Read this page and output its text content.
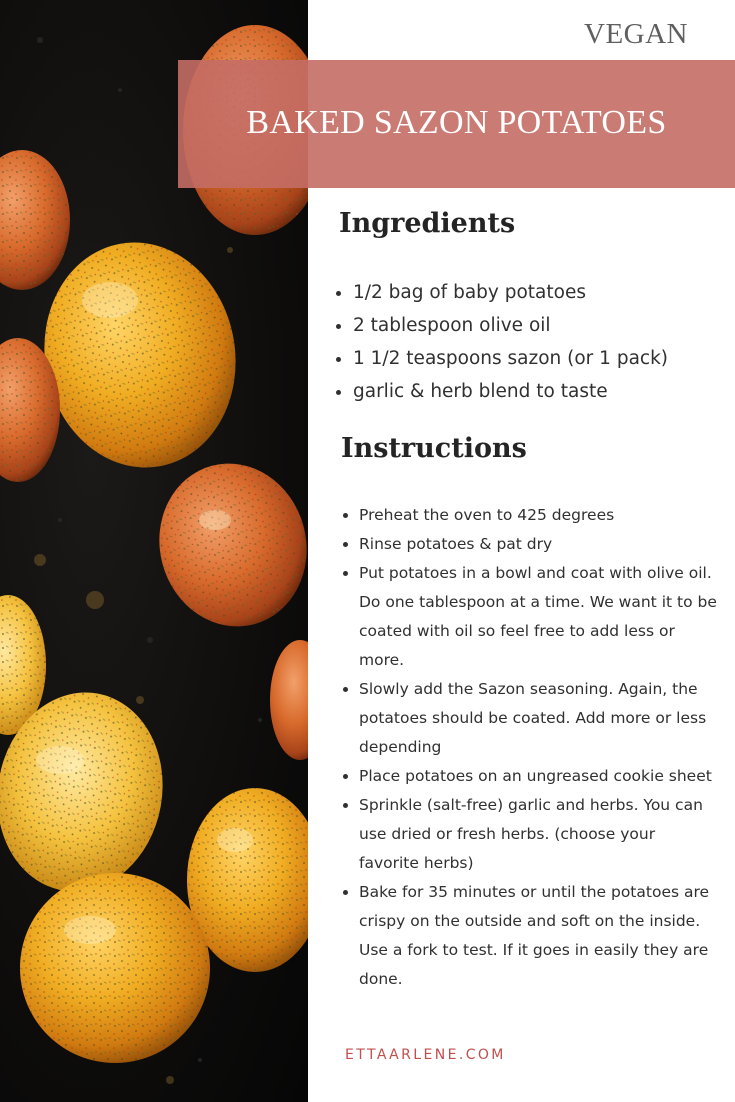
VEGAN
BAKED SAZON POTATOES
Ingredients
• 1/2 bag of baby potatoes
• 2 tablespoon olive oil
• 1 1/2 teaspoons sazon (or 1 pack)
• garlic & herb blend to taste
Instructions
• Preheat the oven to 425 degrees
• Rinse potatoes & pat dry
• Put potatoes in a bowl and coat with olive oil. Do one tablespoon at a time. We want it to be coated with oil so feel free to add less or more.
• Slowly add the Sazon seasoning. Again, the potatoes should be coated. Add more or less depending
• Place potatoes on an ungreased cookie sheet
• Sprinkle (salt-free) garlic and herbs. You can use dried or fresh herbs. (choose your favorite herbs)
• Bake for 35 minutes or until the potatoes are crispy on the outside and soft on the inside. Use a fork to test. If it goes in easily they are done.
ETTAARLENE.COM
